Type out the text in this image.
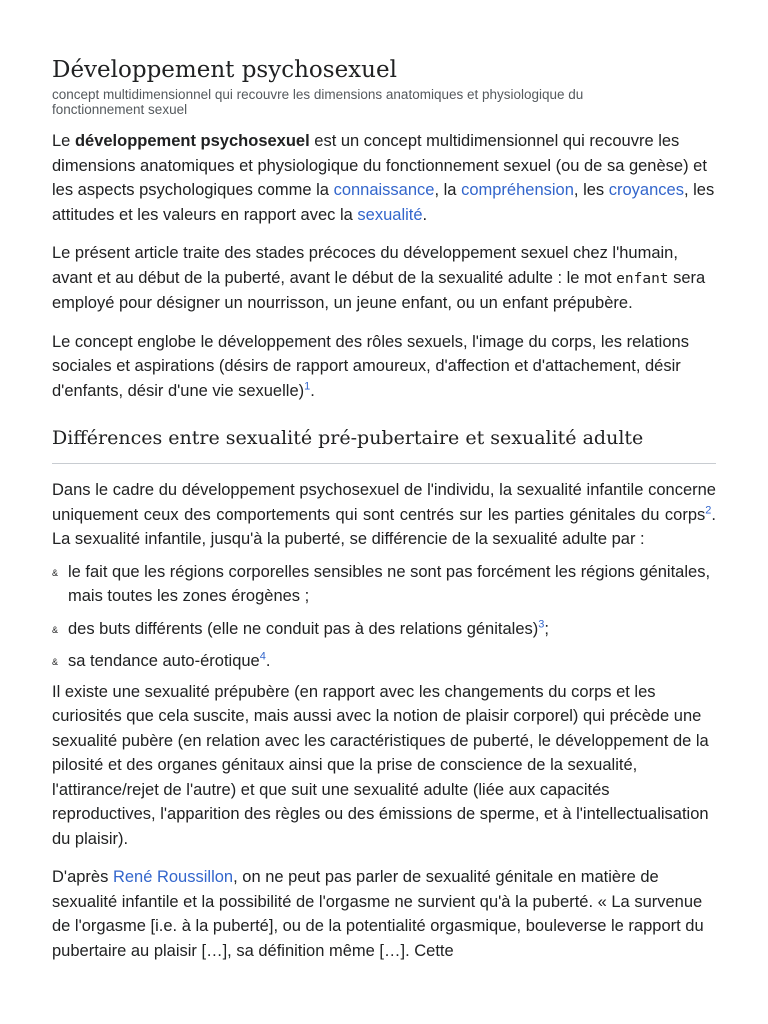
Développement psychosexuel
concept multidimensionnel qui recouvre les dimensions anatomiques et physiologique du fonctionnement sexuel

Le développement psychosexuel est un concept multidimensionnel qui recouvre les dimensions anatomiques et physiologique du fonctionnement sexuel (ou de sa genèse) et les aspects psychologiques comme la connaissance, la compréhension, les croyances, les attitudes et les valeurs en rapport avec la sexualité.

Le présent article traite des stades précoces du développement sexuel chez l'humain, avant et au début de la puberté, avant le début de la sexualité adulte : le mot enfant sera employé pour désigner un nourrisson, un jeune enfant, ou un enfant prépubère.

Le concept englobe le développement des rôles sexuels, l'image du corps, les relations sociales et aspirations (désirs de rapport amoureux, d'affection et d'attachement, désir d'enfants, désir d'une vie sexuelle)$^1$.

Différences entre sexualité pré-pubertaire et sexualité adulte

Dans le cadre du développement psychosexuel de l'individu, la sexualité infantile concerne uniquement ceux des comportements qui sont centrés sur les parties génitales du corps$^2$. La sexualité infantile, jusqu'à la puberté, se différencie de la sexualité adulte par :

& le fait que les régions corporelles sensibles ne sont pas forcément les régions génitales, mais toutes les zones érogènes ;
& des buts différents (elle ne conduit pas à des relations génitales)$^3$;
& sa tendance auto-érotique$^4$.

Il existe une sexualité prépubère (en rapport avec les changements du corps et les curiosités que cela suscite, mais aussi avec la notion de plaisir corporel) qui précède une sexualité pubère (en relation avec les caractéristiques de puberté, le développement de la pilosité et des organes génitaux ainsi que la prise de conscience de la sexualité, l'attirance/rejet de l'autre) et que suit une sexualité adulte (liée aux capacités reproductives, l'apparition des règles ou des émissions de sperme, et à l'intellectualisation du plaisir).

D'après René Roussillon, on ne peut pas parler de sexualité génitale en matière de sexualité infantile et la possibilité de l'orgasme ne survient qu'à la puberté. « La survenue de l'orgasme [i.e. à la puberté], ou de la potentialité orgasmique, bouleverse le rapport du pubertaire au plaisir […], sa définition même […]. Cette
